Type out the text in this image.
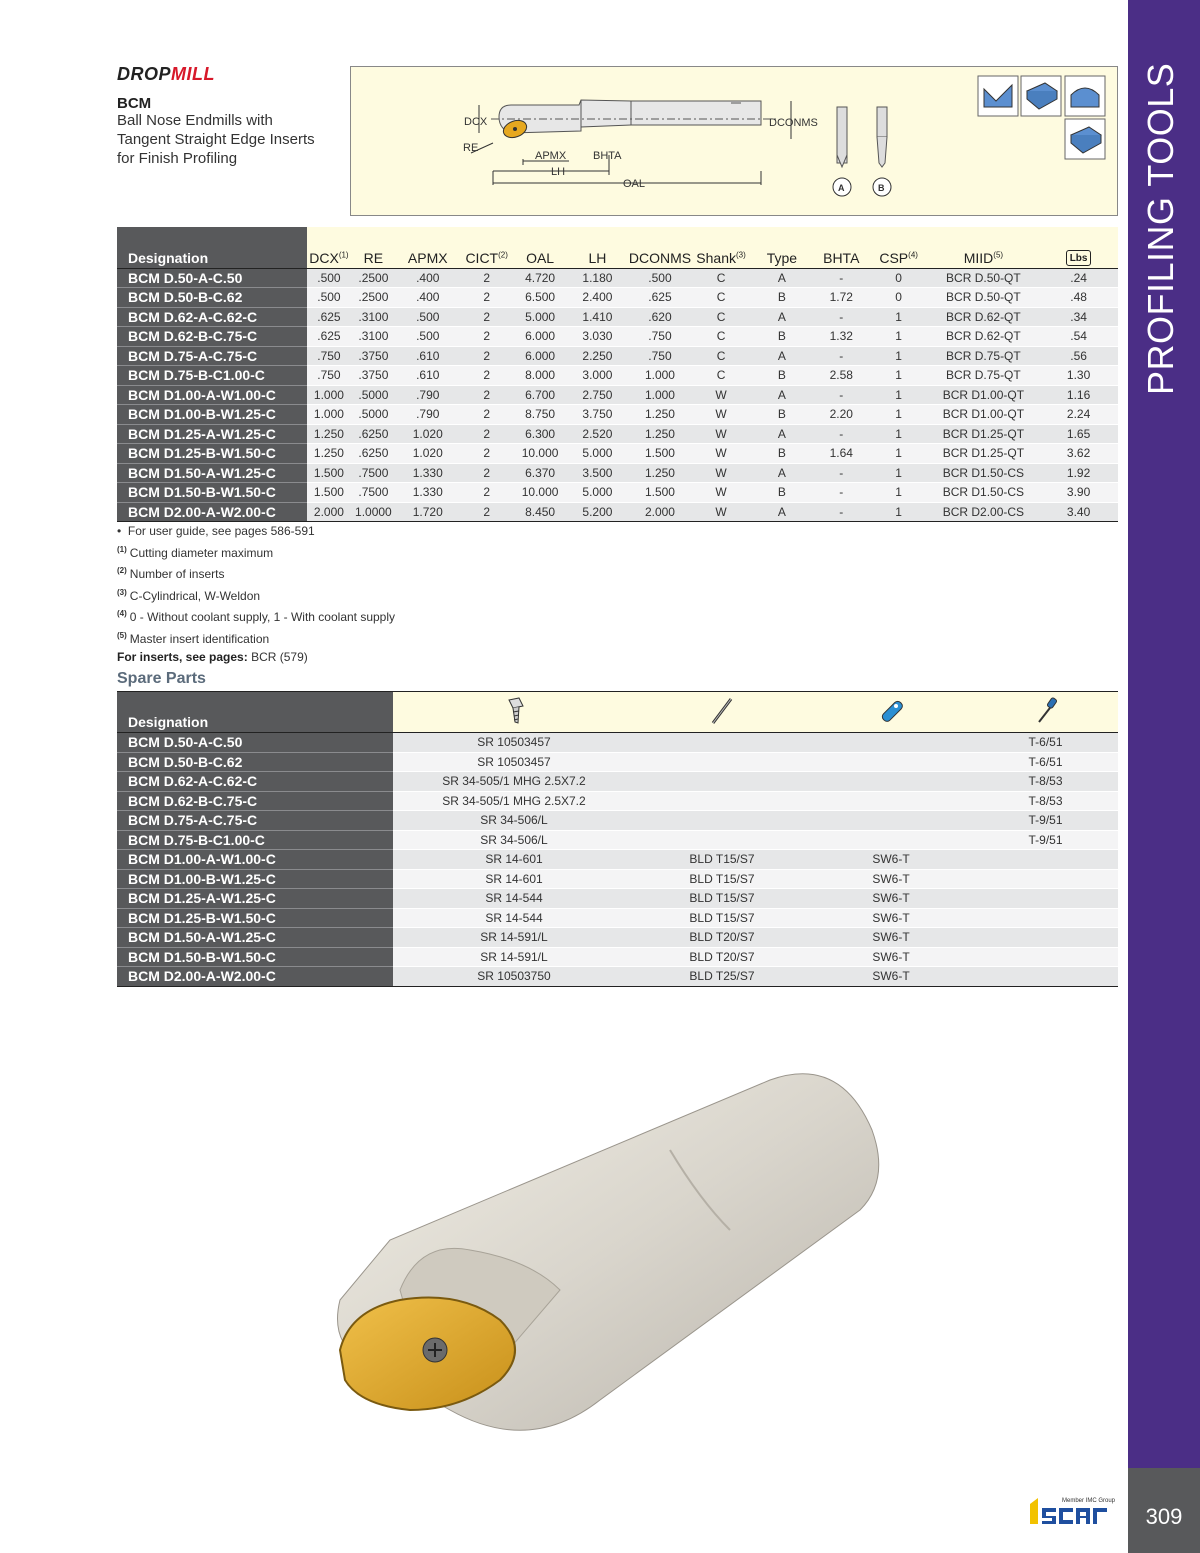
PROFILING TOOLS
309
DROPMILL
BCM
Ball Nose Endmills with Tangent Straight Edge Inserts for Finish Profiling
DCX
RE
APMX BHTA
LH
OAL
DCONMS
A	B
Designation	DCX$^{(1)}$	RE	APMX	CICT$^{(2)}$	OAL	LH	DCONMS	Shank$^{(3)}$	Type	BHTA	CSP$^{(4)}$	MIID$^{(5)}$	Lbs
BCM D.50-A-C.50	.500	.2500	.400	2	4.720	1.180	.500	C	A	-	0	BCR D.50-QT	.24
BCM D.50-B-C.62	.500	.2500	.400	2	6.500	2.400	.625	C	B	1.72	0	BCR D.50-QT	.48
BCM D.62-A-C.62-C	.625	.3100	.500	2	5.000	1.410	.620	C	A	-	1	BCR D.62-QT	.34
BCM D.62-B-C.75-C	.625	.3100	.500	2	6.000	3.030	.750	C	B	1.32	1	BCR D.62-QT	.54
BCM D.75-A-C.75-C	.750	.3750	.610	2	6.000	2.250	.750	C	A	-	1	BCR D.75-QT	.56
BCM D.75-B-C1.00-C	.750	.3750	.610	2	8.000	3.000	1.000	C	B	2.58	1	BCR D.75-QT	1.30
BCM D1.00-A-W1.00-C	1.000	.5000	.790	2	6.700	2.750	1.000	W	A	-	1	BCR D1.00-QT	1.16
BCM D1.00-B-W1.25-C	1.000	.5000	.790	2	8.750	3.750	1.250	W	B	2.20	1	BCR D1.00-QT	2.24
BCM D1.25-A-W1.25-C	1.250	.6250	1.020	2	6.300	2.520	1.250	W	A	-	1	BCR D1.25-QT	1.65
BCM D1.25-B-W1.50-C	1.250	.6250	1.020	2	10.000	5.000	1.500	W	B	1.64	1	BCR D1.25-QT	3.62
BCM D1.50-A-W1.25-C	1.500	.7500	1.330	2	6.370	3.500	1.250	W	A	-	1	BCR D1.50-CS	1.92
BCM D1.50-B-W1.50-C	1.500	.7500	1.330	2	10.000	5.000	1.500	W	B	-	1	BCR D1.50-CS	3.90
BCM D2.00-A-W2.00-C	2.000	1.0000	1.720	2	8.450	5.200	2.000	W	A	-	1	BCR D2.00-CS	3.40
•  For user guide, see pages 586-591
$^{(1)}$ Cutting diameter maximum
$^{(2)}$ Number of inserts
$^{(3)}$ C-Cylindrical, W-Weldon
$^{(4)}$ 0 - Without coolant supply, 1 - With coolant supply
$^{(5)}$ Master insert identification
For inserts, see pages: BCR (579)
Spare Parts
Designation				
BCM D.50-A-C.50	SR 10503457			T-6/51
BCM D.50-B-C.62	SR 10503457			T-6/51
BCM D.62-A-C.62-C	SR 34-505/1 MHG 2.5X7.2			T-8/53
BCM D.62-B-C.75-C	SR 34-505/1 MHG 2.5X7.2			T-8/53
BCM D.75-A-C.75-C	SR 34-506/L			T-9/51
BCM D.75-B-C1.00-C	SR 34-506/L			T-9/51
BCM D1.00-A-W1.00-C	SR 14-601	BLD T15/S7	SW6-T	
BCM D1.00-B-W1.25-C	SR 14-601	BLD T15/S7	SW6-T	
BCM D1.25-A-W1.25-C	SR 14-544	BLD T15/S7	SW6-T	
BCM D1.25-B-W1.50-C	SR 14-544	BLD T15/S7	SW6-T	
BCM D1.50-A-W1.25-C	SR 14-591/L	BLD T20/S7	SW6-T	
BCM D1.50-B-W1.50-C	SR 14-591/L	BLD T20/S7	SW6-T	
BCM D2.00-A-W2.00-C	SR 10503750	BLD T25/S7	SW6-T	
Member IMC Group
